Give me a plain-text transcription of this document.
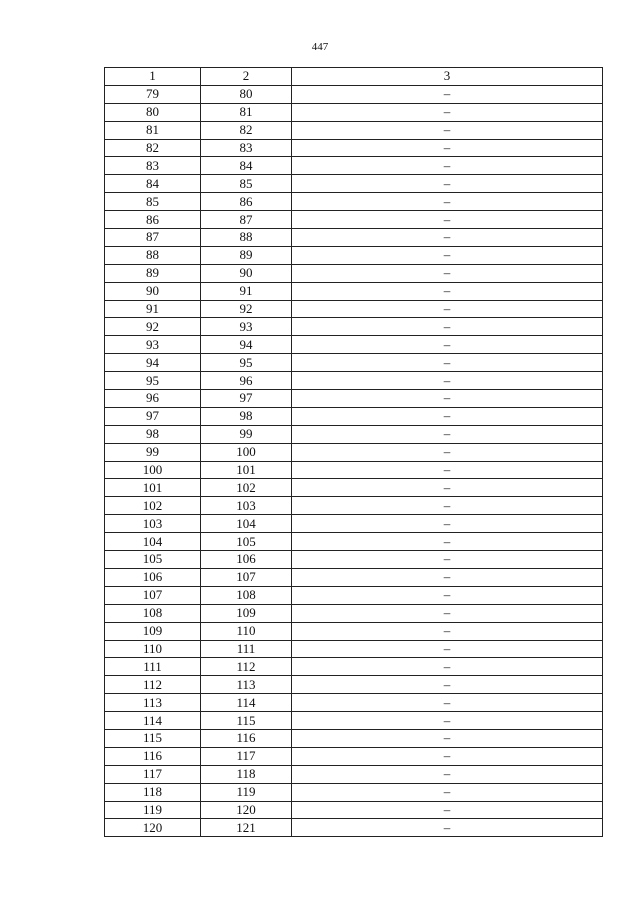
447
1	2	3
79	80	–
80	81	–
81	82	–
82	83	–
83	84	–
84	85	–
85	86	–
86	87	–
87	88	–
88	89	–
89	90	–
90	91	–
91	92	–
92	93	–
93	94	–
94	95	–
95	96	–
96	97	–
97	98	–
98	99	–
99	100	–
100	101	–
101	102	–
102	103	–
103	104	–
104	105	–
105	106	–
106	107	–
107	108	–
108	109	–
109	110	–
110	111	–
111	112	–
112	113	–
113	114	–
114	115	–
115	116	–
116	117	–
117	118	–
118	119	–
119	120	–
120	121	–
